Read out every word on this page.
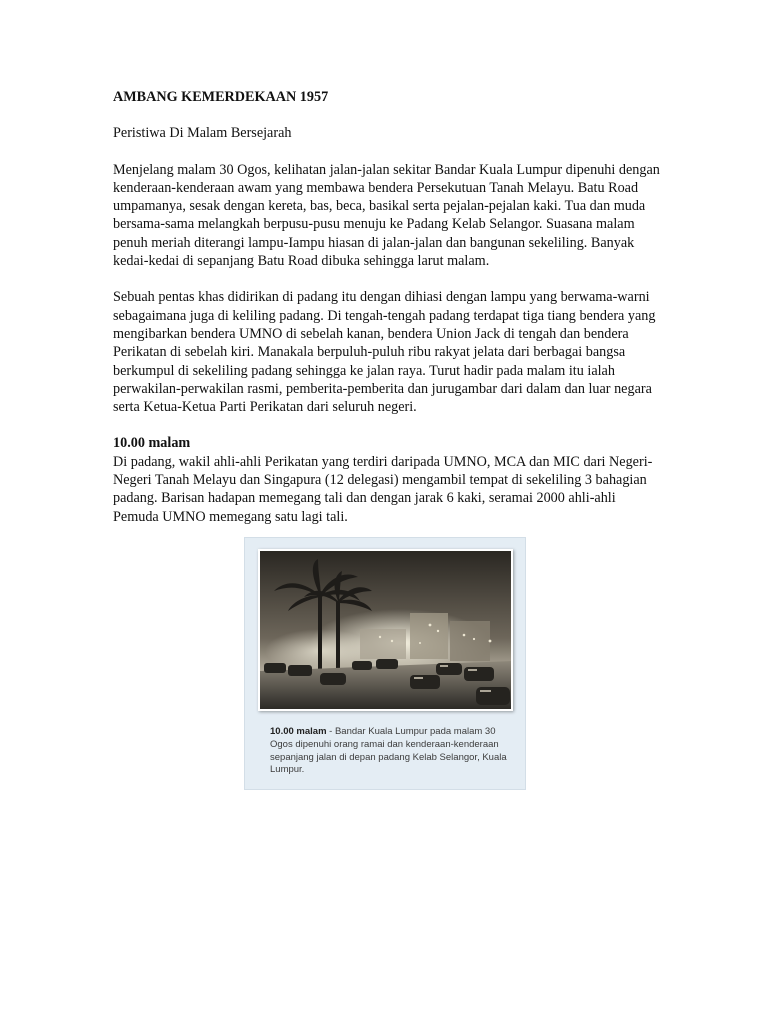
AMBANG KEMERDEKAAN 1957

Peristiwa Di Malam Bersejarah

Menjelang malam 30 Ogos, kelihatan jalan-jalan sekitar Bandar Kuala Lumpur dipenuhi dengan kenderaan-kenderaan awam yang membawa bendera Persekutuan Tanah Melayu. Batu Road umpamanya, sesak dengan kereta, bas, beca, basikal serta pejalan-pejalan kaki. Tua dan muda bersama-sama melangkah berpusu-pusu menuju ke Padang Kelab Selangor. Suasana malam penuh meriah diterangi lampu-Iampu hiasan di jalan-jalan dan bangunan sekeliling. Banyak kedai-kedai di sepanjang Batu Road dibuka sehingga larut malam.

Sebuah pentas khas didirikan di padang itu dengan dihiasi dengan lampu yang berwama-warni sebagaimana juga di keliling padang. Di tengah-tengah padang terdapat tiga tiang bendera yang mengibarkan bendera UMNO di sebelah kanan, bendera Union Jack di tengah dan bendera Perikatan di sebelah kiri. Manakala berpuluh-puluh ribu rakyat jelata dari berbagai bangsa berkumpul di sekeliling padang sehingga ke jalan raya. Turut hadir pada malam itu ialah perwakilan-perwakilan rasmi, pemberita-pemberita dan jurugambar dari dalam dan luar negara serta Ketua-Ketua Parti Perikatan dari seluruh negeri.

10.00 malam

Di padang, wakil ahli-ahli Perikatan yang terdiri daripada UMNO, MCA dan MIC dari Negeri-Negeri Tanah Melayu dan Singapura (12 delegasi) mengambil tempat di sekeliling 3 bahagian padang. Barisan hadapan memegang tali dan dengan jarak 6 kaki, seramai 2000 ahli-ahli Pemuda UMNO memegang satu lagi tali.

10.00 malam - Bandar Kuala Lumpur pada malam 30 Ogos dipenuhi orang ramai dan kenderaan-kenderaan sepanjang jalan di depan padang Kelab Selangor, Kuala Lumpur.
